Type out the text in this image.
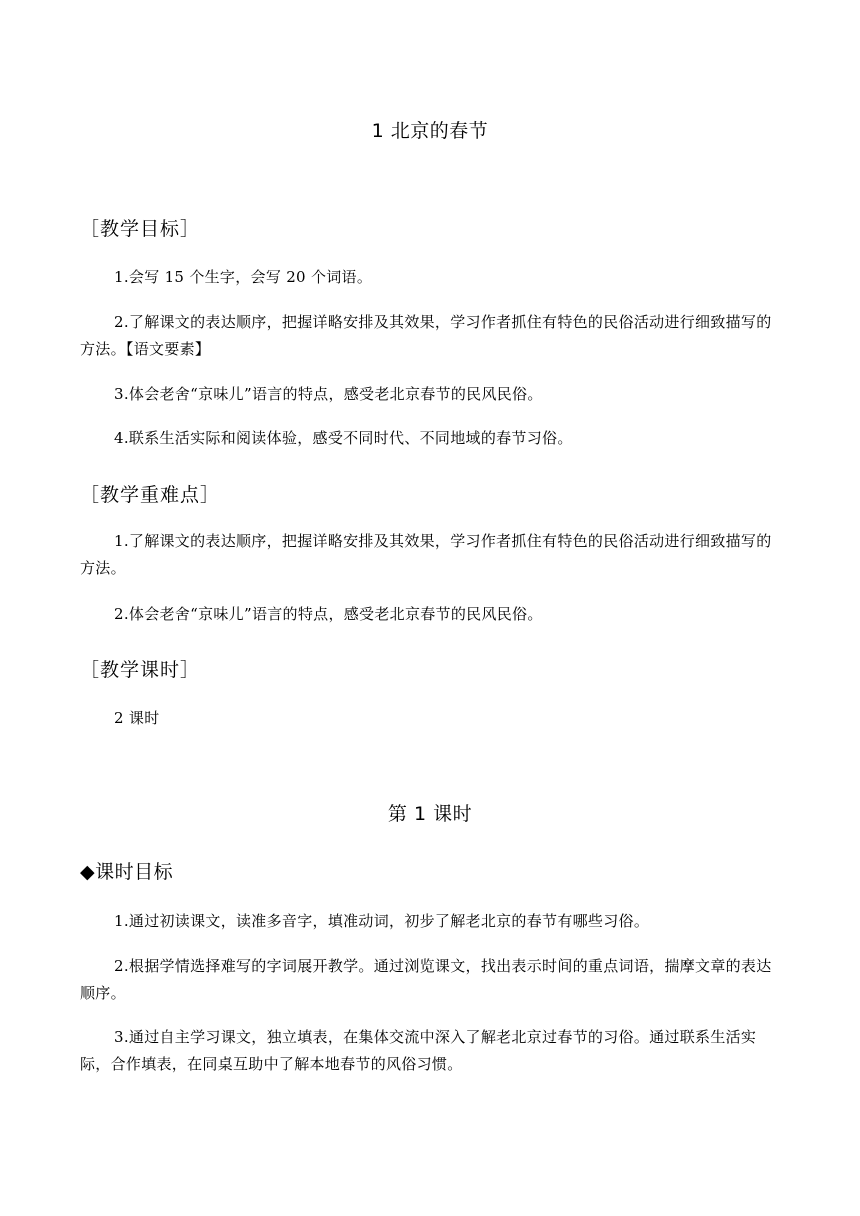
1 北京的春节
［教学目标］

1.会写 15 个生字，会写 20 个词语。

2.了解课文的表达顺序，把握详略安排及其效果，学习作者抓住有特色的民俗活动进行细致描写的方法。【语文要素】

3.体会老舍“京味儿”语言的特点，感受老北京春节的民风民俗。

4.联系生活实际和阅读体验，感受不同时代、不同地域的春节习俗。

［教学重难点］

1.了解课文的表达顺序，把握详略安排及其效果，学习作者抓住有特色的民俗活动进行细致描写的方法。

2.体会老舍“京味儿”语言的特点，感受老北京春节的民风民俗。

［教学课时］

2 课时

第 1 课时
◆课时目标

1.通过初读课文，读准多音字，填准动词，初步了解老北京的春节有哪些习俗。

2.根据学情选择难写的字词展开教学。通过浏览课文，找出表示时间的重点词语，揣摩文章的表达顺序。

3.通过自主学习课文，独立填表，在集体交流中深入了解老北京过春节的习俗。通过联系生活实际，合作填表，在同桌互助中了解本地春节的风俗习惯。
